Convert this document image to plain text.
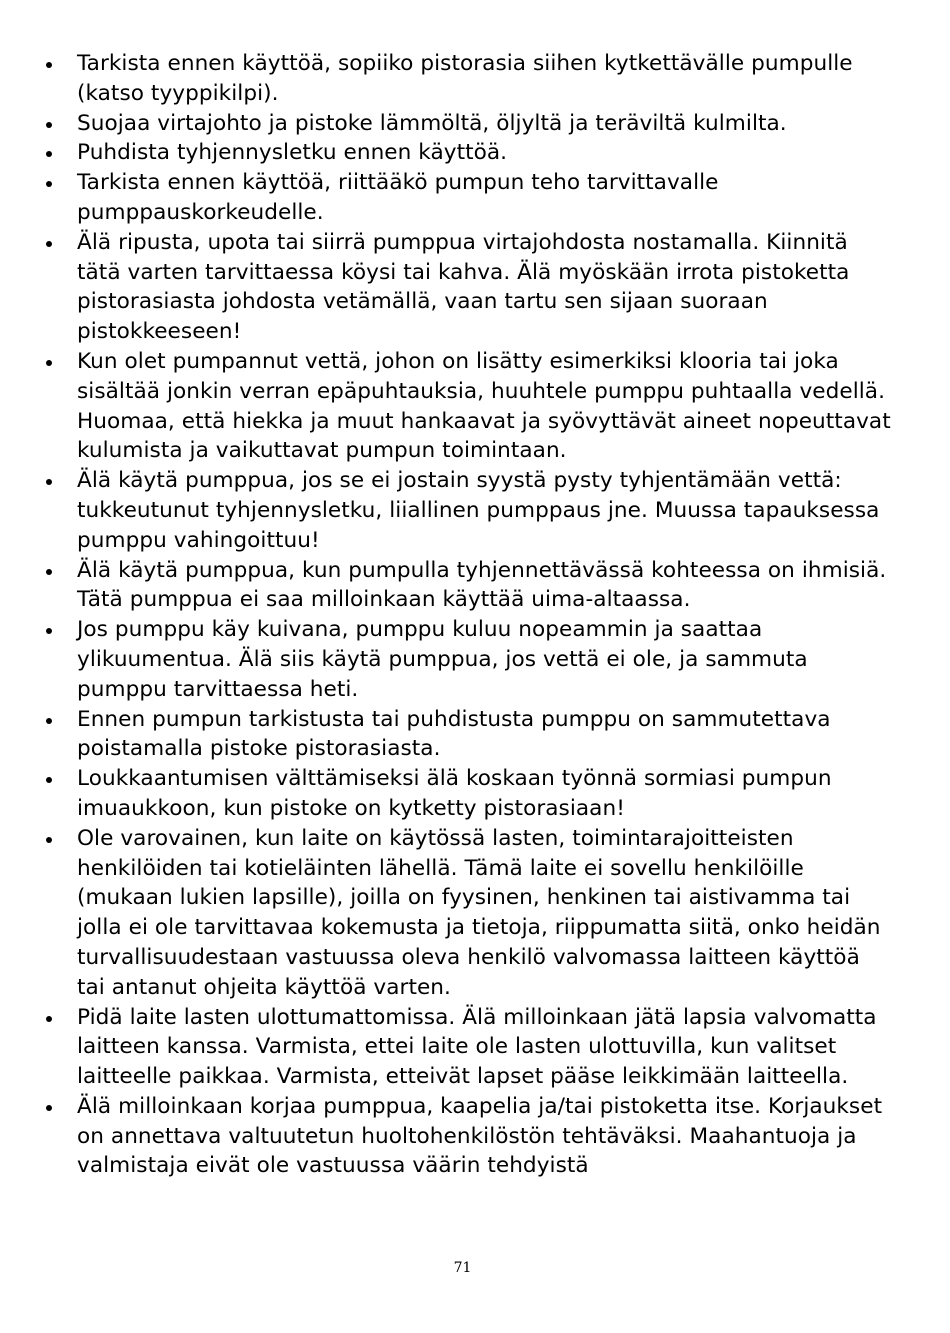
Tarkista ennen käyttöä, sopiiko pistorasia siihen kytkettävälle pumpulle (katso tyyppikilpi).
Suojaa virtajohto ja pistoke lämmöltä, öljyltä ja teräviltä kulmilta.
Puhdista tyhjennysletku ennen käyttöä.
Tarkista ennen käyttöä, riittääkö pumpun teho tarvittavalle pumppauskorkeudelle.
Älä ripusta, upota tai siirrä pumppua virtajohdosta nostamalla. Kiinnitä tätä varten tarvittaessa köysi tai kahva. Älä myöskään irrota pistoketta pistorasiasta johdosta vetämällä, vaan tartu sen sijaan suoraan pistokkeeseen!
Kun olet pumpannut vettä, johon on lisätty esimerkiksi klooria tai joka sisältää jonkin verran epäpuhtauksia, huuhtele pumppu puhtaalla vedellä. Huomaa, että hiekka ja muut hankaavat ja syövyttävät aineet nopeuttavat kulumista ja vaikuttavat pumpun toimintaan.
Älä käytä pumppua, jos se ei jostain syystä pysty tyhjentämään vettä: tukkeutunut tyhjennysletku, liiallinen pumppaus jne. Muussa tapauksessa pumppu vahingoittuu!
Älä käytä pumppua, kun pumpulla tyhjennettävässä kohteessa on ihmisiä. Tätä pumppua ei saa milloinkaan käyttää uima-altaassa.
Jos pumppu käy kuivana, pumppu kuluu nopeammin ja saattaa ylikuumentua. Älä siis käytä pumppua, jos vettä ei ole, ja sammuta pumppu tarvittaessa heti.
Ennen pumpun tarkistusta tai puhdistusta pumppu on sammutettava poistamalla pistoke pistorasiasta.
Loukkaantumisen välttämiseksi älä koskaan työnnä sormiasi pumpun imuaukkoon, kun pistoke on kytketty pistorasiaan!
Ole varovainen, kun laite on käytössä lasten, toimintarajoitteisten henkilöiden tai kotieläinten lähellä. Tämä laite ei sovellu henkilöille (mukaan lukien lapsille), joilla on fyysinen, henkinen tai aistivamma tai jolla ei ole tarvittavaa kokemusta ja tietoja, riippumatta siitä, onko heidän turvallisuudestaan vastuussa oleva henkilö valvomassa laitteen käyttöä tai antanut ohjeita käyttöä varten.
Pidä laite lasten ulottumattomissa. Älä milloinkaan jätä lapsia valvomatta laitteen kanssa. Varmista, ettei laite ole lasten ulottuvilla, kun valitset laitteelle paikkaa. Varmista, etteivät lapset pääse leikkimään laitteella.
Älä milloinkaan korjaa pumppua, kaapelia ja/tai pistoketta itse. Korjaukset on annettava valtuutetun huoltohenkilöstön tehtäväksi. Maahantuoja ja valmistaja eivät ole vastuussa väärin tehdyistä
71
